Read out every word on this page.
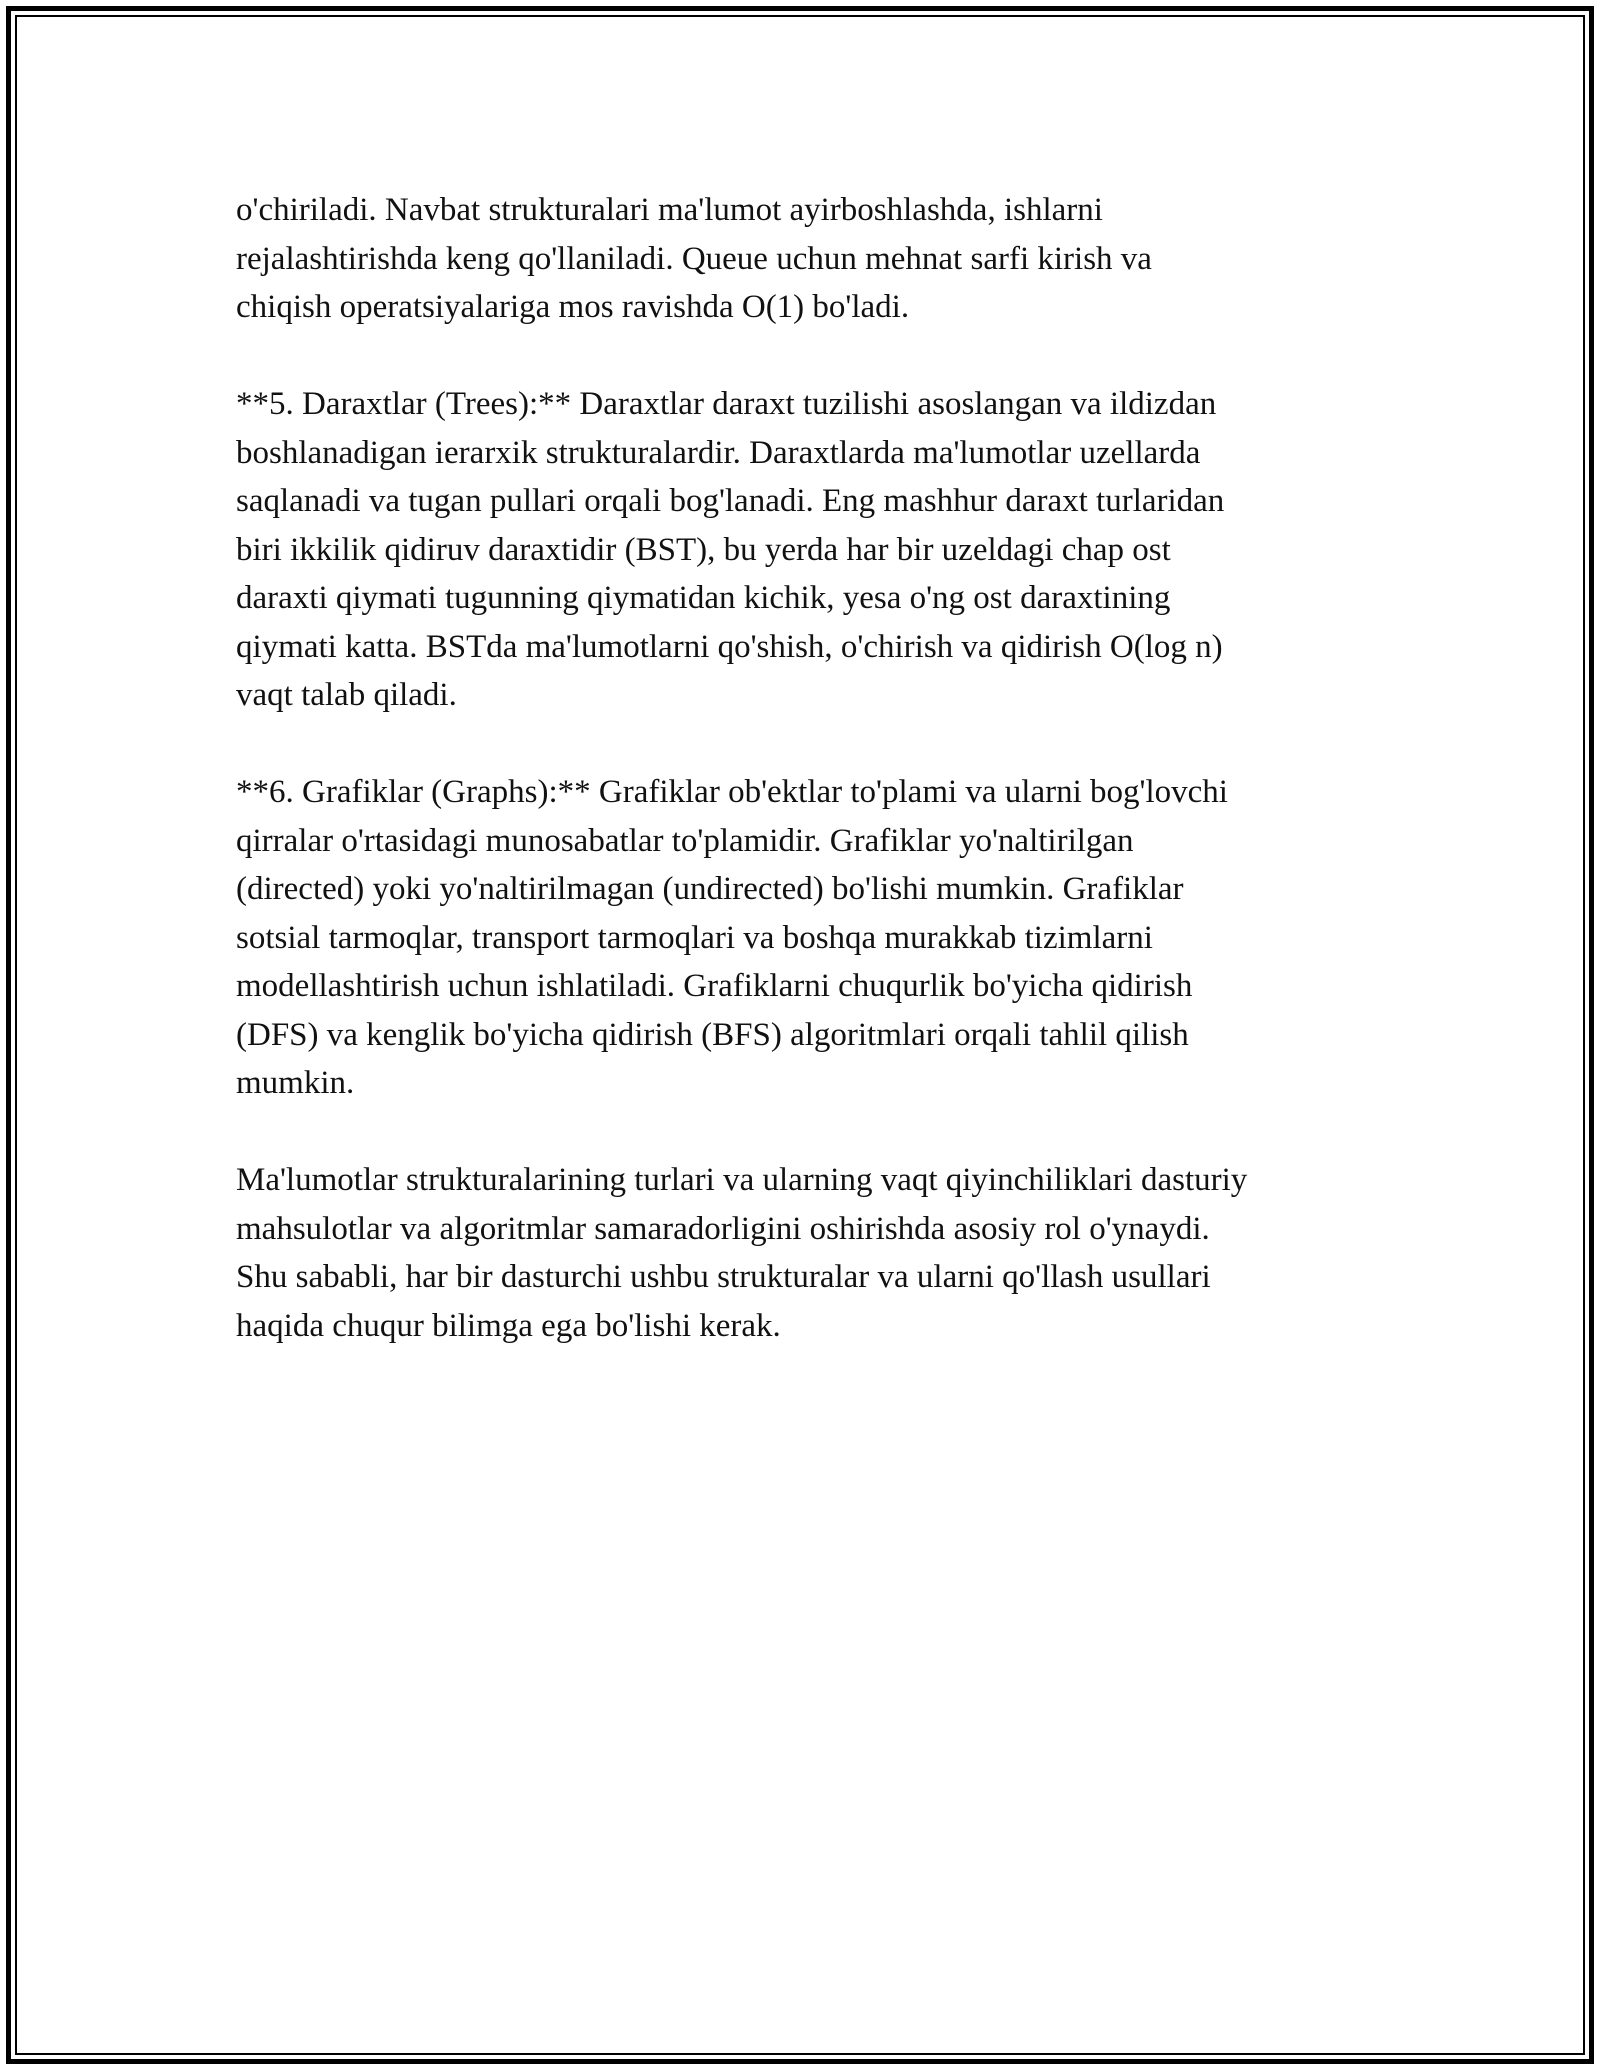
o'chiriladi. Navbat strukturalari ma'lumot ayirboshlashda, ishlarni
rejalashtirishda keng qo'llaniladi. Queue uchun mehnat sarfi kirish va
chiqish operatsiyalariga mos ravishda O(1) bo'ladi.

**5. Daraxtlar (Trees):** Daraxtlar daraxt tuzilishi asoslangan va ildizdan
boshlanadigan ierarxik strukturalardir. Daraxtlarda ma'lumotlar uzellarda
saqlanadi va tugan pullari orqali bog'lanadi. Eng mashhur daraxt turlaridan
biri ikkilik qidiruv daraxtidir (BST), bu yerda har bir uzeldagi chap ost
daraxti qiymati tugunning qiymatidan kichik, yesa o'ng ost daraxtining
qiymati katta. BSTda ma'lumotlarni qo'shish, o'chirish va qidirish O(log n)
vaqt talab qiladi.

**6. Grafiklar (Graphs):** Grafiklar ob'ektlar to'plami va ularni bog'lovchi
qirralar o'rtasidagi munosabatlar to'plamidir. Grafiklar yo'naltirilgan
(directed) yoki yo'naltirilmagan (undirected) bo'lishi mumkin. Grafiklar
sotsial tarmoqlar, transport tarmoqlari va boshqa murakkab tizimlarni
modellashtirish uchun ishlatiladi. Grafiklarni chuqurlik bo'yicha qidirish
(DFS) va kenglik bo'yicha qidirish (BFS) algoritmlari orqali tahlil qilish
mumkin.

Ma'lumotlar strukturalarining turlari va ularning vaqt qiyinchiliklari dasturiy
mahsulotlar va algoritmlar samaradorligini oshirishda asosiy rol o'ynaydi.
Shu sababli, har bir dasturchi ushbu strukturalar va ularni qo'llash usullari
haqida chuqur bilimga ega bo'lishi kerak.
